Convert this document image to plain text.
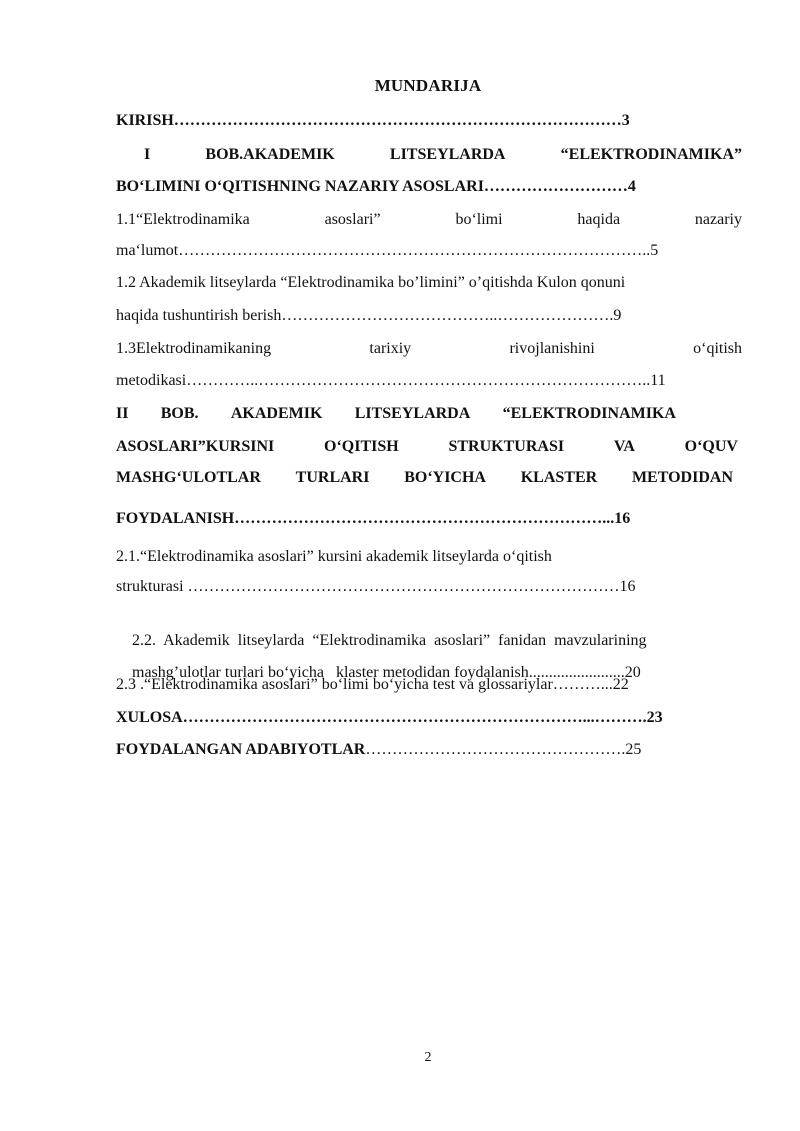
MUNDARIJA
KIRISH…………………………………………………………………………3
I	BOB.AKADEMIK	LITSEYLARDA	“ELEKTRODINAMIKA”
BO‘LIMINI O‘QITISHNING NAZARIY ASOSLARI………………………4
1.1“Elektrodinamika	asoslari”	bo‘limi	haqida	nazariy
ma‘lumot……………………………………………………………………………..5
1.2 Akademik litseylarda “Elektrodinamika bo’limini” o’qitishda Kulon qonuni
haqida tushuntirish berish…………………………………..………………….9
1.3Elektrodinamikaning	tarixiy	rivojlanishini	o‘qitish
metodikasi…………..………………………………………………………………..11
II BOB. AKADEMIK LITSEYLARDA “ELEKTRODINAMIKA
ASOSLARI”KURSINI	O‘QITISH	STRUKTURASI	VA	O‘QUV
MASHG‘ULOTLAR TURLARI BO‘YICHA KLASTER METODIDAN
FOYDALANISH……………………………………………………………...16
2.1.“Elektrodinamika asoslari” kursini akademik litseylarda o‘qitish
strukturasi ………………………………………………………………………16

2.2.  Akademik  litseylarda  “Elektrodinamika  asoslari”  fanidan  mavzularining

mashg’ulotlar turlari bo‘yicha   klaster metodidan foydalanish........................20

2.3 .“Elektrodinamika asoslari” bo‘limi bo‘yicha test va glossariylar………...22
XULOSA…………………………………………………………………...……….23
FOYDALANGAN ADABIYOTLAR………………………………………….25
2
